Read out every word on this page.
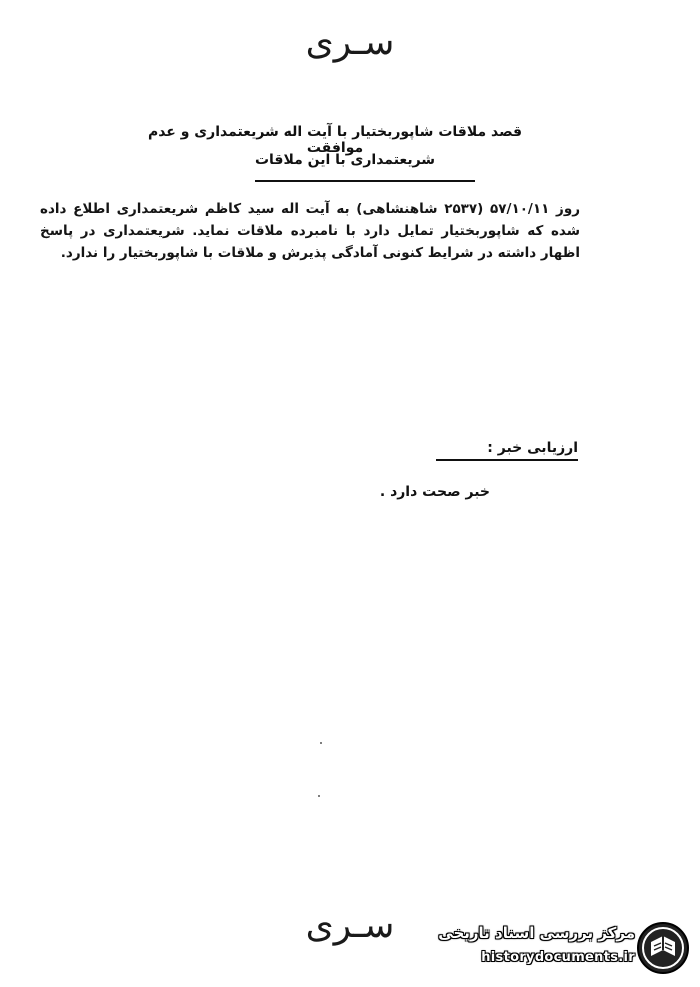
سـری
قصد ملاقات شاپوربختیار با آیت اله شریعتمداری و عدم موافقت
شریعتمداری با این ملاقات
روز ۵۷/۱۰/۱۱ (۲۵۳۷ شاهنشاهی) به آیت اله سید کاظم شریعتمداری اطلاع داده شده که شاپوربختیار تمایل دارد با نامبرده ملاقات نماید. شریعتمداری در پاسخ اظهار داشته در شرایط کنونی آمادگی پذیرش و ملاقات با شاپوربختیار را ندارد.
ارزیابی خبر :
خبر صحت دارد .
سـری	مرکز بررسی اسناد تاریخی
historydocuments.ir
